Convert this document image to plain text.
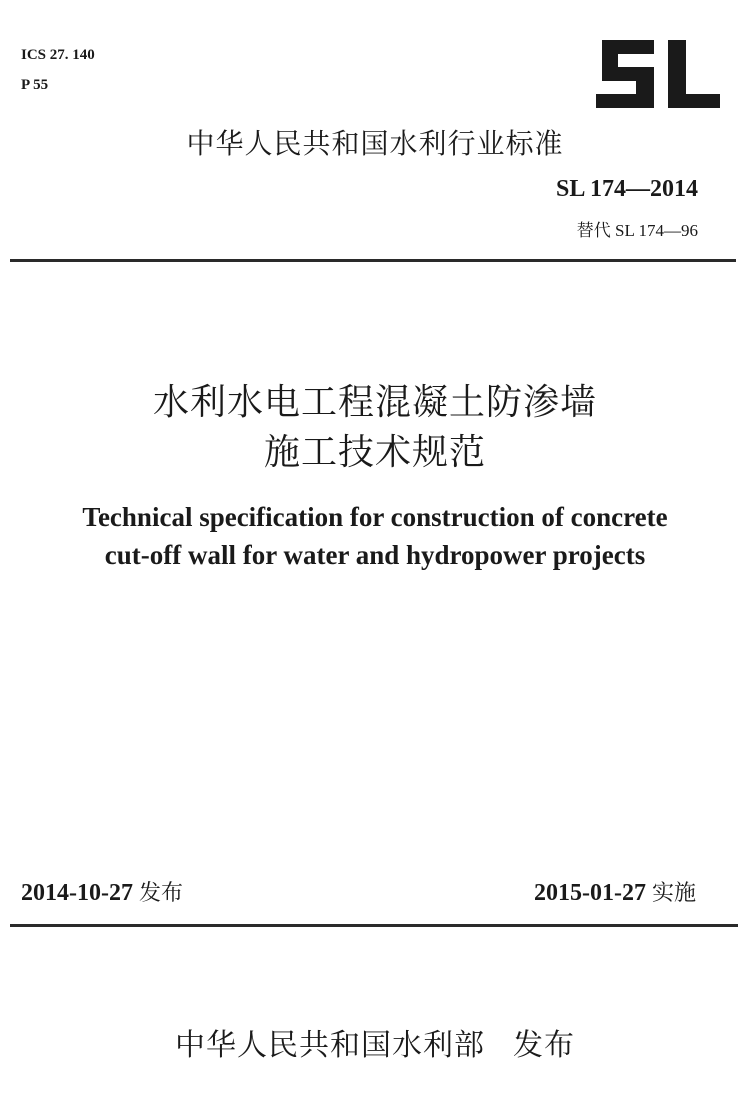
ICS 27. 140
P 55
中华人民共和国水利行业标准
SL 174—2014
替代 SL 174—96
水利水电工程混凝土防渗墙
施工技术规范
Technical specification for construction of concrete
cut-off wall for water and hydropower projects
2014-10-27 发布	2015-01-27 实施
中华人民共和国水利部 发布
